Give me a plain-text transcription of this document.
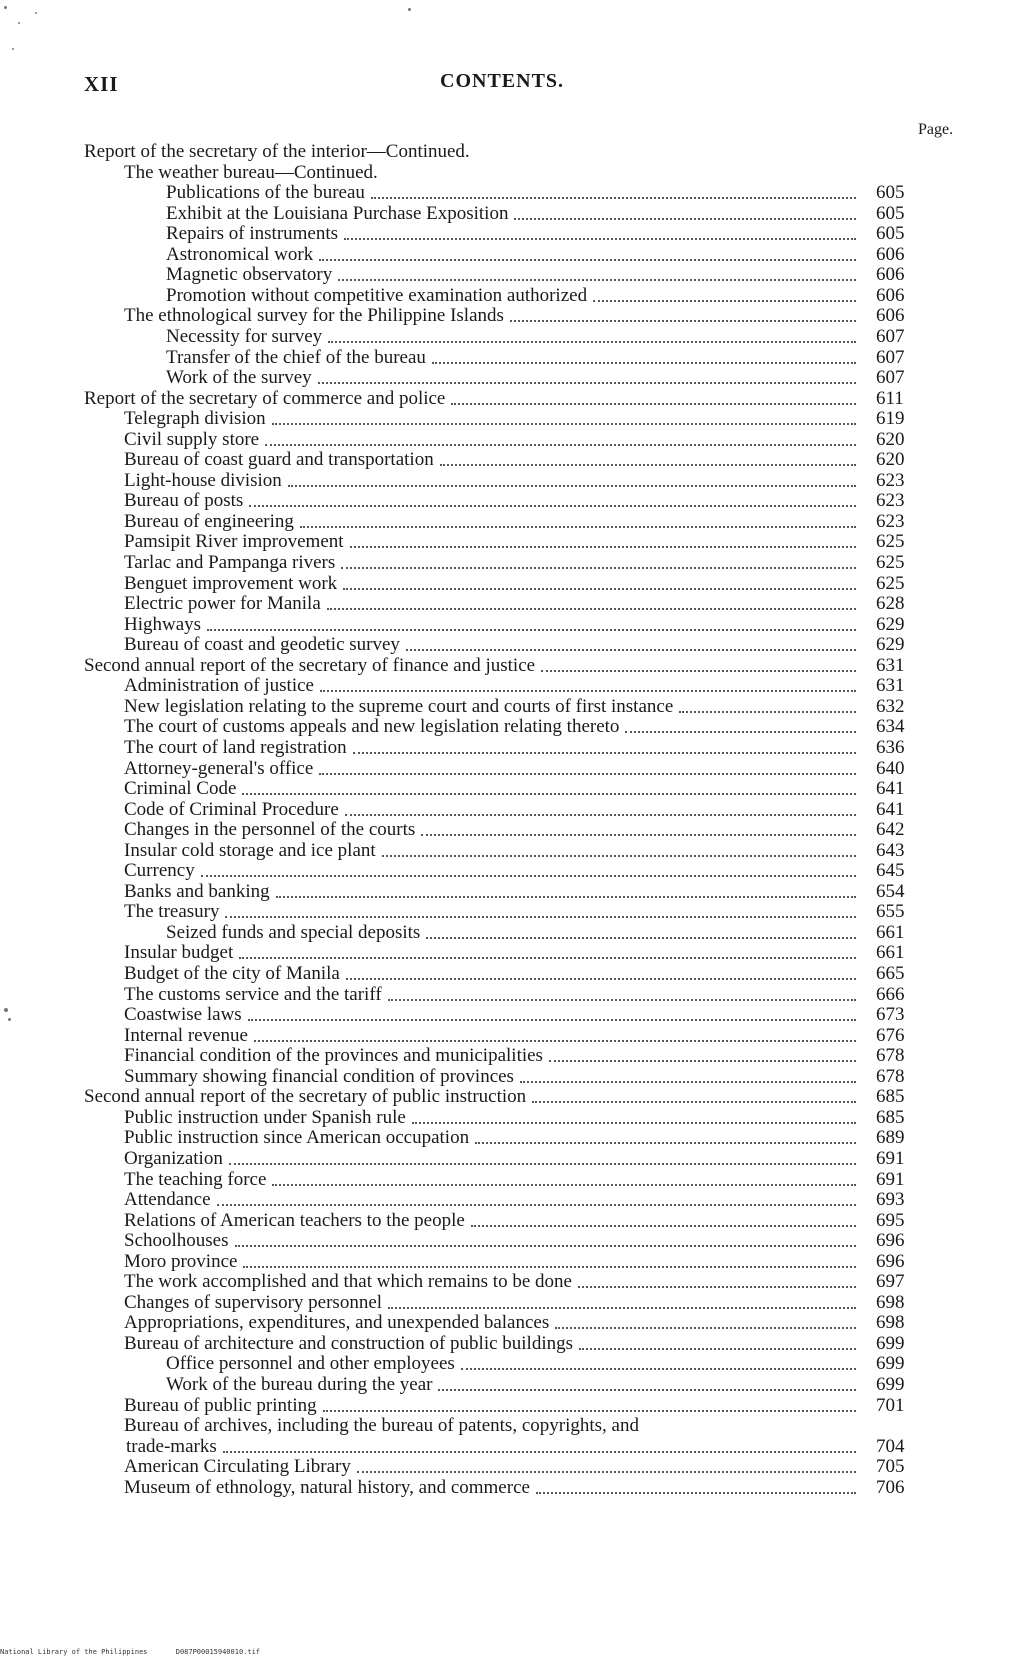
XII	CONTENTS.
Page.
Report of the secretary of the interior—Continued.
The weather bureau—Continued.
Publications of the bureau	605
Exhibit at the Louisiana Purchase Exposition	605
Repairs of instruments	605
Astronomical work	606
Magnetic observatory	606
Promotion without competitive examination authorized	606
The ethnological survey for the Philippine Islands	606
Necessity for survey	607
Transfer of the chief of the bureau	607
Work of the survey	607
Report of the secretary of commerce and police	611
Telegraph division	619
Civil supply store	620
Bureau of coast guard and transportation	620
Light-house division	623
Bureau of posts	623
Bureau of engineering	623
Pamsipit River improvement	625
Tarlac and Pampanga rivers	625
Benguet improvement work	625
Electric power for Manila	628
Highways	629
Bureau of coast and geodetic survey	629
Second annual report of the secretary of finance and justice	631
Administration of justice	631
New legislation relating to the supreme court and courts of first instance	632
The court of customs appeals and new legislation relating thereto	634
The court of land registration	636
Attorney-general's office	640
Criminal Code	641
Code of Criminal Procedure	641
Changes in the personnel of the courts	642
Insular cold storage and ice plant	643
Currency	645
Banks and banking	654
The treasury	655
Seized funds and special deposits	661
Insular budget	661
Budget of the city of Manila	665
The customs service and the tariff	666
Coastwise laws	673
Internal revenue	676
Financial condition of the provinces and municipalities	678
Summary showing financial condition of provinces	678
Second annual report of the secretary of public instruction	685
Public instruction under Spanish rule	685
Public instruction since American occupation	689
Organization	691
The teaching force	691
Attendance	693
Relations of American teachers to the people	695
Schoolhouses	696
Moro province	696
The work accomplished and that which remains to be done	697
Changes of supervisory personnel	698
Appropriations, expenditures, and unexpended balances	698
Bureau of architecture and construction of public buildings	699
Office personnel and other employees	699
Work of the bureau during the year	699
Bureau of public printing	701
Bureau of archives, including the bureau of patents, copyrights, and
trade-marks	704
American Circulating Library	705
Museum of ethnology, natural history, and commerce	706
National Library of the Philippines	D087P00015940010.tif
